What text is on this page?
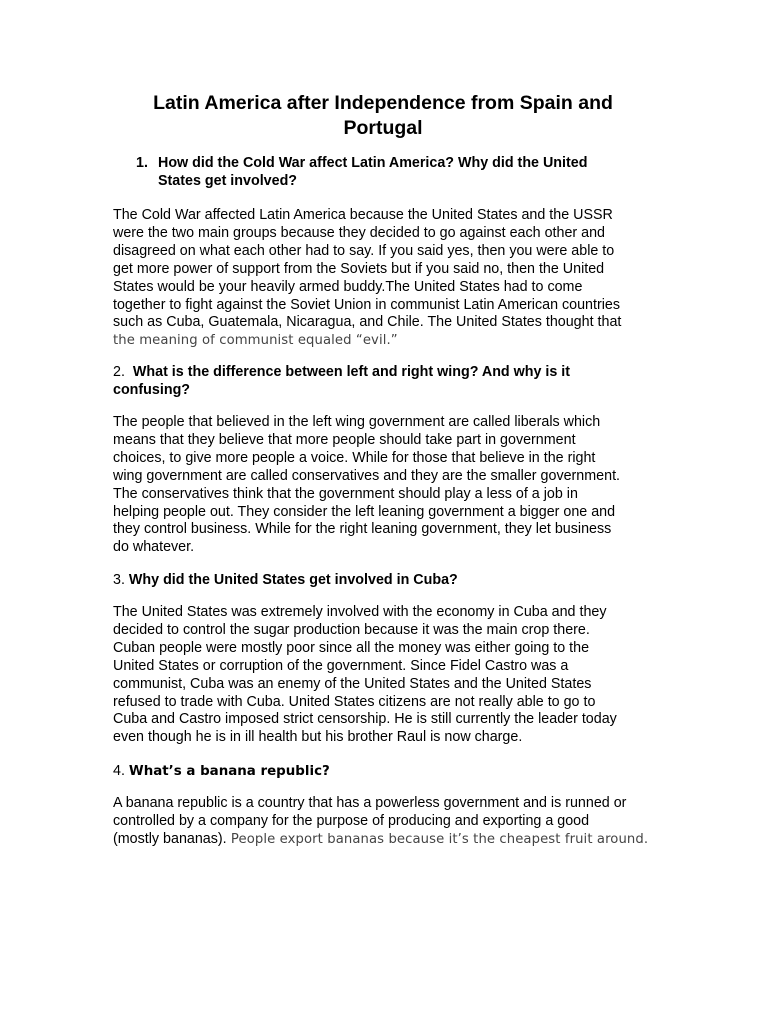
Latin America after Independence from Spain and
Portugal
1. How did the Cold War affect Latin America? Why did the United
States get involved?
The Cold War affected Latin America because the United States and the USSR
were the two main groups because they decided to go against each other and
disagreed on what each other had to say. If you said yes, then you were able to
get more power of support from the Soviets but if you said no, then the United
States would be your heavily armed buddy.The United States had to come
together to fight against the Soviet Union in communist Latin American countries
such as Cuba, Guatemala, Nicaragua, and Chile. The United States thought that
the meaning of communist equaled “evil.”
2. What is the difference between left and right wing? And why is it
confusing?
The people that believed in the left wing government are called liberals which
means that they believe that more people should take part in government
choices, to give more people a voice. While for those that believe in the right
wing government are called conservatives and they are the smaller government.
The conservatives think that the government should play a less of a job in
helping people out. They consider the left leaning government a bigger one and
they control business. While for the right leaning government, they let business
do whatever.
3. Why did the United States get involved in Cuba?
The United States was extremely involved with the economy in Cuba and they
decided to control the sugar production because it was the main crop there.
Cuban people were mostly poor since all the money was either going to the
United States or corruption of the government. Since Fidel Castro was a
communist, Cuba was an enemy of the United States and the United States
refused to trade with Cuba. United States citizens are not really able to go to
Cuba and Castro imposed strict censorship. He is still currently the leader today
even though he is in ill health but his brother Raul is now charge.
4. What’s a banana republic?
A banana republic is a country that has a powerless government and is runned or
controlled by a company for the purpose of producing and exporting a good
(mostly bananas). People export bananas because it’s the cheapest fruit around.
